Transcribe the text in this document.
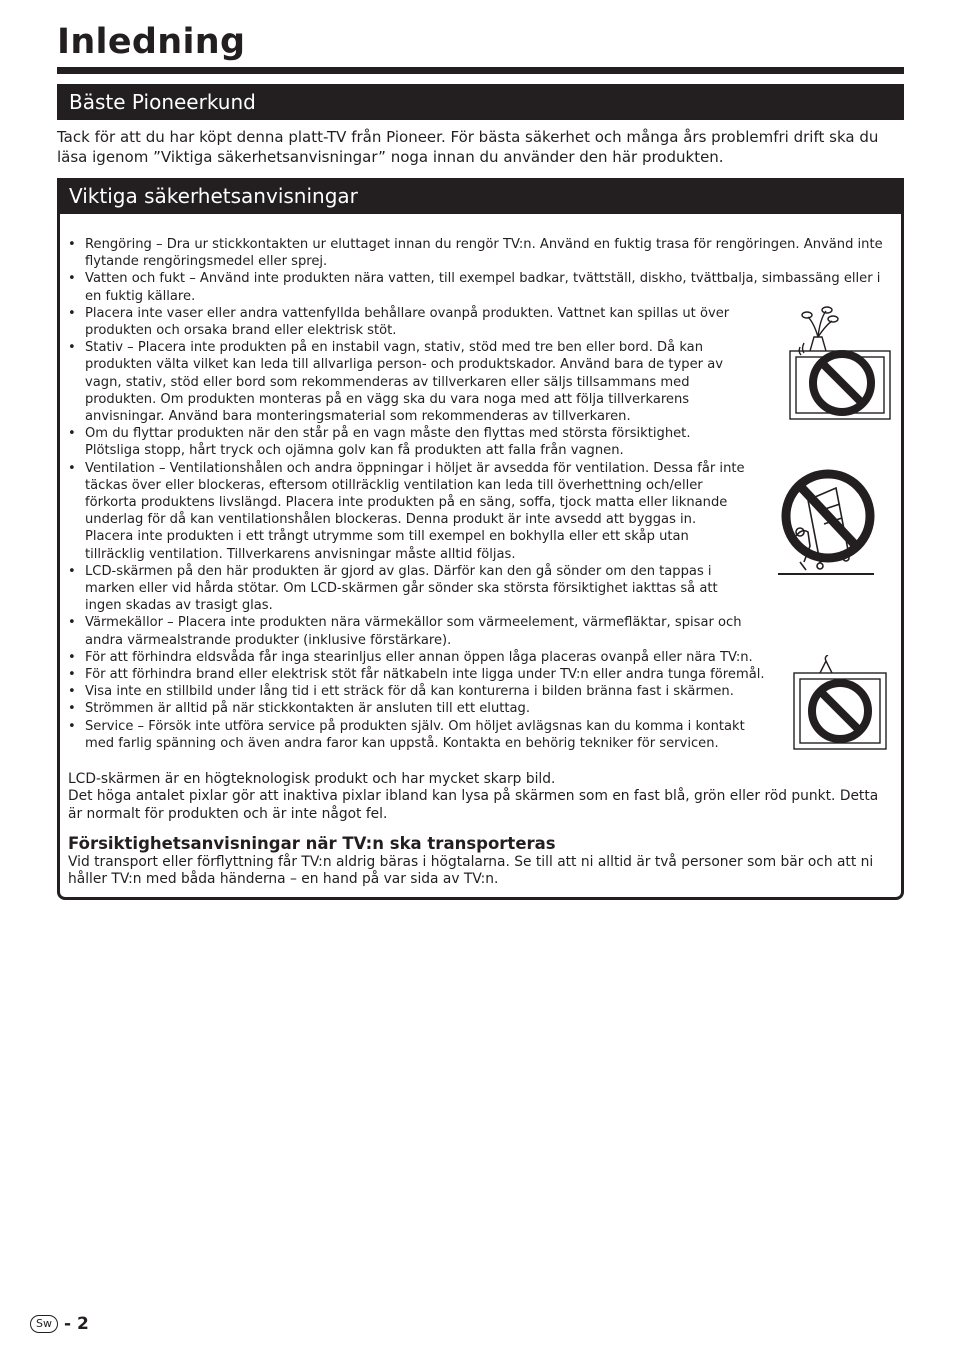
Inledning
Bäste Pioneerkund

Tack för att du har köpt denna platt-TV från Pioneer. För bästa säkerhet och många års problemfri drift ska du läsa igenom ”Viktiga säkerhetsanvisningar” noga innan du använder den här produkten.

Viktiga säkerhetsanvisningar
• Rengöring – Dra ur stickkontakten ur eluttaget innan du rengör TV:n. Använd en fuktig trasa för rengöringen. Använd inte flytande rengöringsmedel eller sprej.
• Vatten och fukt – Använd inte produkten nära vatten, till exempel badkar, tvättställ, diskho, tvättbalja, simbassäng eller i en fuktig källare.
• Placera inte vaser eller andra vattenfyllda behållare ovanpå produkten. Vattnet kan spillas ut över produkten och orsaka brand eller elektrisk stöt.
• Stativ – Placera inte produkten på en instabil vagn, stativ, stöd med tre ben eller bord. Då kan produkten välta vilket kan leda till allvarliga person- och produktskador. Använd bara de typer av vagn, stativ, stöd eller bord som rekommenderas av tillverkaren eller säljs tillsammans med produkten. Om produkten monteras på en vägg ska du vara noga med att följa tillverkarens anvisningar. Använd bara monteringsmaterial som rekommenderas av tillverkaren.
• Om du flyttar produkten när den står på en vagn måste den flyttas med största försiktighet. Plötsliga stopp, hårt tryck och ojämna golv kan få produkten att falla från vagnen.
• Ventilation – Ventilationshålen och andra öppningar i höljet är avsedda för ventilation. Dessa får inte täckas över eller blockeras, eftersom otillräcklig ventilation kan leda till överhettning och/eller förkorta produktens livslängd. Placera inte produkten på en säng, soffa, tjock matta eller liknande underlag för då kan ventilationshålen blockeras. Denna produkt är inte avsedd att byggas in. Placera inte produkten i ett trångt utrymme som till exempel en bokhylla eller ett skåp utan tillräcklig ventilation. Tillverkarens anvisningar måste alltid följas.
• LCD-skärmen på den här produkten är gjord av glas. Därför kan den gå sönder om den tappas i marken eller vid hårda stötar. Om LCD-skärmen går sönder ska största försiktighet iakttas så att ingen skadas av trasigt glas.
• Värmekällor – Placera inte produkten nära värmekällor som värmeelement, värmefläktar, spisar och andra värmealstrande produkter (inklusive förstärkare).
• För att förhindra eldsvåda får inga stearinljus eller annan öppen låga placeras ovanpå eller nära TV:n.
• För att förhindra brand eller elektrisk stöt får nätkabeln inte ligga under TV:n eller andra tunga föremål.
• Visa inte en stillbild under lång tid i ett sträck för då kan konturerna i bilden bränna fast i skärmen.
• Strömmen är alltid på när stickkontakten är ansluten till ett eluttag.
• Service – Försök inte utföra service på produkten själv. Om höljet avlägsnas kan du komma i kontakt med farlig spänning och även andra faror kan uppstå. Kontakta en behörig tekniker för servicen.

LCD-skärmen är en högteknologisk produkt och har mycket skarp bild.
Det höga antalet pixlar gör att inaktiva pixlar ibland kan lysa på skärmen som en fast blå, grön eller röd punkt. Detta är normalt för produkten och är inte något fel.

Försiktighetsanvisningar när TV:n ska transporteras

Vid transport eller förflyttning får TV:n aldrig bäras i högtalarna. Se till att ni alltid är två personer som bär och att ni håller TV:n med båda händerna – en hand på var sida av TV:n.

Sw - 2
